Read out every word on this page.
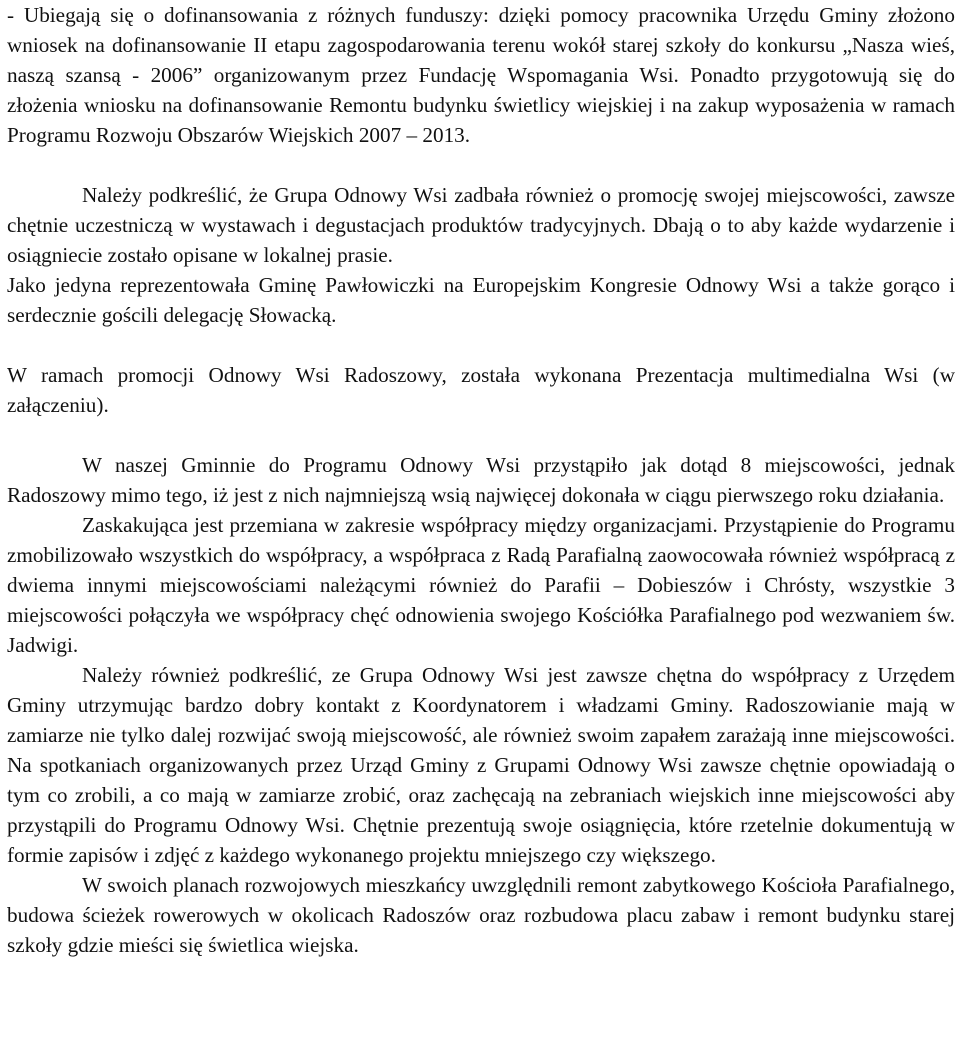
- Ubiegają się o dofinansowania z różnych funduszy: dzięki pomocy pracownika Urzędu Gminy złożono wniosek na dofinansowanie II etapu zagospodarowania terenu wokół starej szkoły do konkursu „Nasza wieś, naszą szansą - 2006” organizowanym przez Fundację Wspomagania Wsi. Ponadto przygotowują się do złożenia wniosku na dofinansowanie Remontu budynku świetlicy wiejskiej i na zakup wyposażenia w ramach Programu Rozwoju Obszarów Wiejskich 2007 – 2013.

Należy podkreślić, że Grupa Odnowy Wsi zadbała również o promocję swojej miejscowości, zawsze chętnie uczestniczą w wystawach i degustacjach produktów tradycyjnych. Dbają o to aby każde wydarzenie i osiągniecie zostało opisane w lokalnej prasie.

Jako jedyna reprezentowała Gminę Pawłowiczki na Europejskim Kongresie Odnowy Wsi a także gorąco i serdecznie gościli delegację Słowacką.

W ramach promocji Odnowy Wsi Radoszowy, została wykonana Prezentacja multimedialna Wsi (w załączeniu).

W naszej Gminnie do Programu Odnowy Wsi przystąpiło jak dotąd 8 miejscowości, jednak Radoszowy mimo tego, iż jest z nich najmniejszą wsią najwięcej dokonała w ciągu pierwszego roku działania.

Zaskakująca jest przemiana w zakresie współpracy między organizacjami. Przystąpienie do Programu zmobilizowało wszystkich do współpracy, a współpraca z Radą Parafialną zaowocowała również współpracą z dwiema innymi miejscowościami należącymi również do Parafii – Dobieszów i Chrósty, wszystkie 3 miejscowości połączyła we współpracy chęć odnowienia swojego Kościółka Parafialnego pod wezwaniem św. Jadwigi.

Należy również podkreślić, ze Grupa Odnowy Wsi jest zawsze chętna do współpracy z Urzędem Gminy utrzymując bardzo dobry kontakt z Koordynatorem i władzami Gminy. Radoszowianie mają w zamiarze nie tylko dalej rozwijać swoją miejscowość, ale również swoim zapałem zarażają inne miejscowości. Na spotkaniach organizowanych przez Urząd Gminy z Grupami Odnowy Wsi zawsze chętnie opowiadają o tym co zrobili, a co mają w zamiarze zrobić, oraz zachęcają na zebraniach wiejskich inne miejscowości aby przystąpili do Programu Odnowy Wsi. Chętnie prezentują swoje osiągnięcia, które rzetelnie dokumentują w formie zapisów i zdjęć z każdego wykonanego projektu mniejszego czy większego.

W swoich planach rozwojowych mieszkańcy uwzględnili remont zabytkowego Kościoła Parafialnego, budowa ścieżek rowerowych w okolicach Radoszów oraz rozbudowa placu zabaw i remont budynku starej szkoły gdzie mieści się świetlica wiejska.
